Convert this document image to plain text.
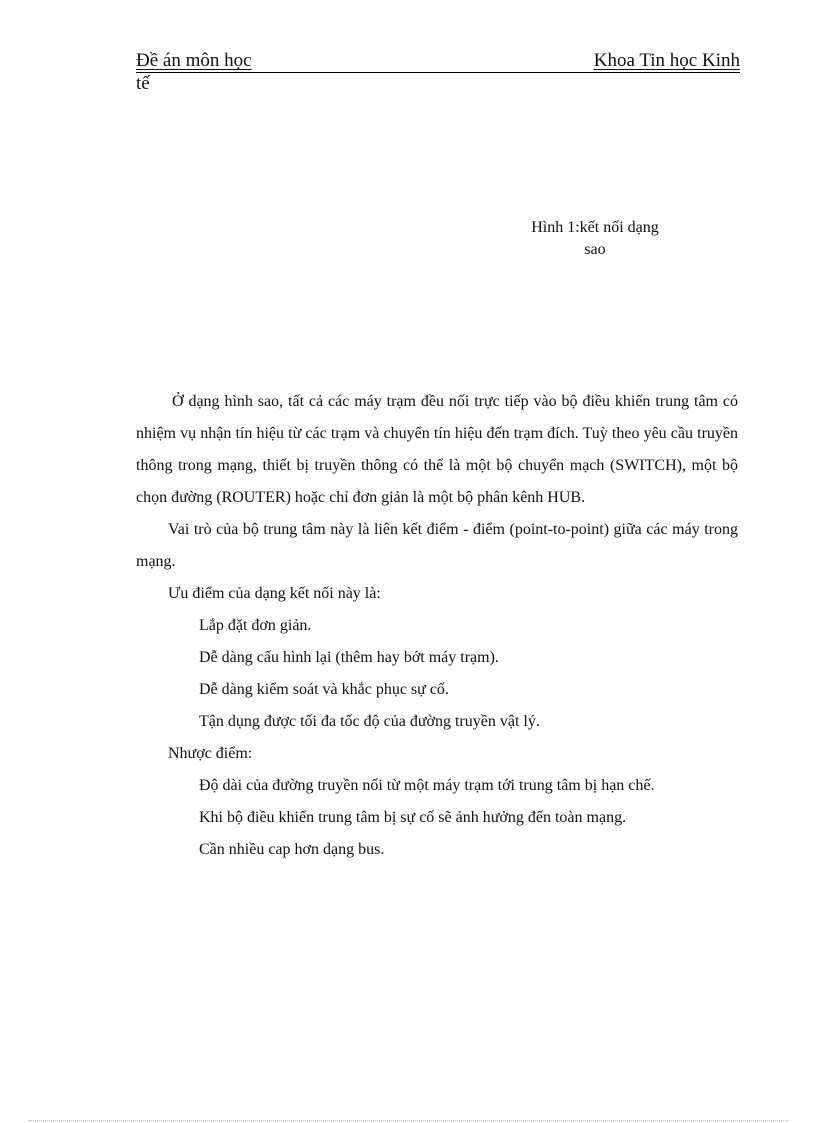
Đề án môn học	Khoa Tin học Kinh
tế
Hình 1:kết nối dạng
sao

Ở dạng hình sao, tất cả các máy trạm đều nối trực tiếp vào bộ điều khiển trung tâm có nhiệm vụ nhận tín hiệu từ các trạm và chuyển tín hiệu đến trạm đích. Tuỳ theo yêu cầu truyền thông trong mạng, thiết bị truyền thông có thể là một bộ chuyển mạch (SWITCH), một bộ chọn đường (ROUTER) hoặc chỉ đơn giản là một bộ phân kênh HUB.

Vai trò của bộ trung tâm này là liên kết điểm - điểm (point-to-point) giữa các máy trong mạng.

Ưu điểm của dạng kết nối này là:

Lắp đặt đơn giản.

Dễ dàng cấu hình lại (thêm hay bớt máy trạm).

Dễ dàng kiểm soát và khắc phục sự cố.

Tận dụng được tối đa tốc độ của đường truyền vật lý.

Nhược điểm:

Độ dài của đường truyền nối từ một máy trạm tới trung tâm bị hạn chế.

Khi bộ điều khiển trung tâm bị sự cố sẽ ảnh hưởng đến toàn mạng.

Cần nhiều cap hơn dạng bus.
